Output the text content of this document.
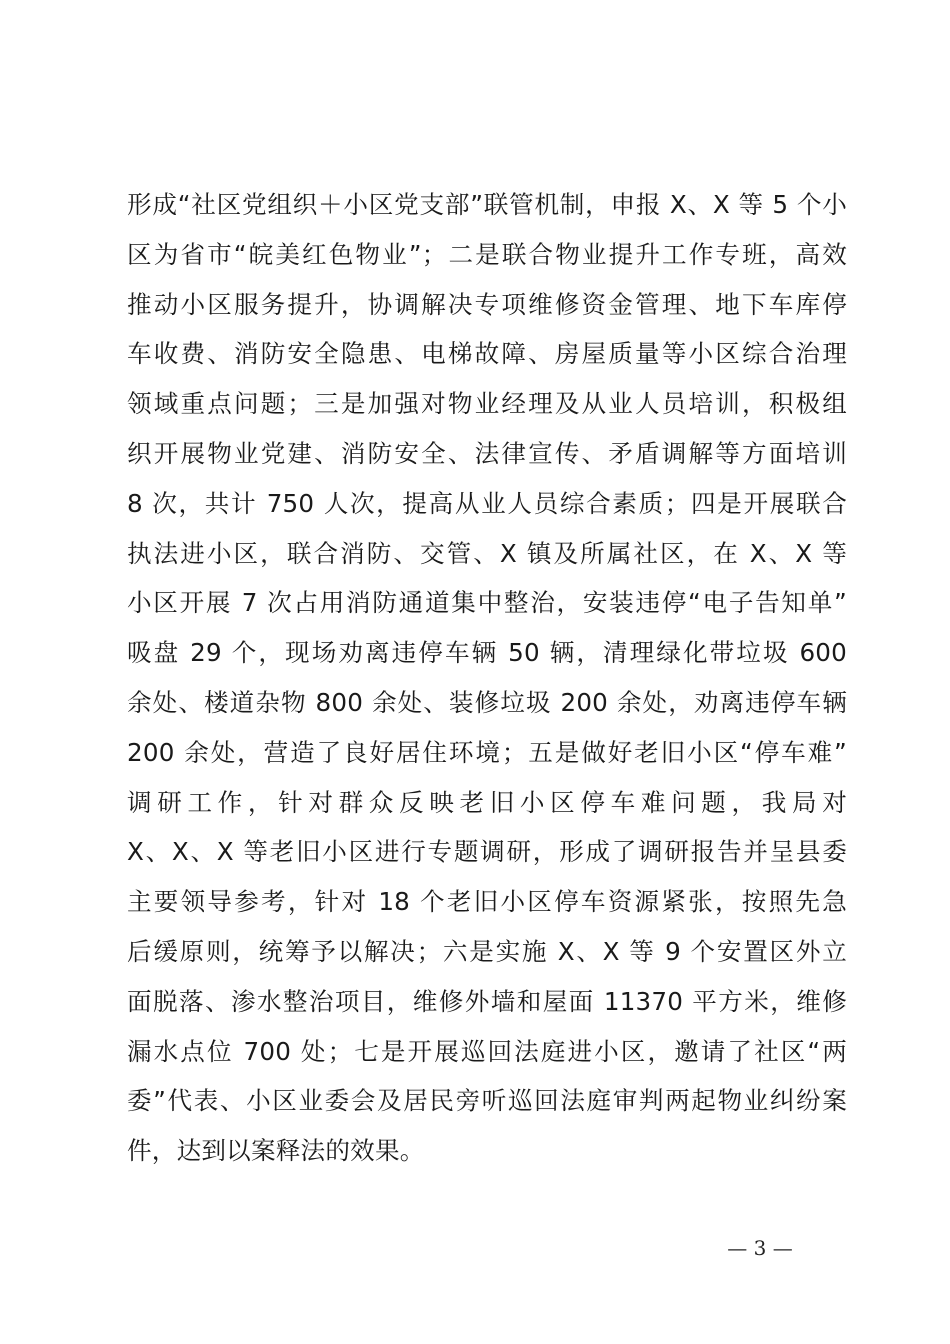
形成“社区党组织＋小区党支部”联管机制，申报 X、X 等 5 个小
区为省市“皖美红色物业”；二是联合物业提升工作专班，高效
推动小区服务提升，协调解决专项维修资金管理、地下车库停
车收费、消防安全隐患、电梯故障、房屋质量等小区综合治理
领域重点问题；三是加强对物业经理及从业人员培训，积极组
织开展物业党建、消防安全、法律宣传、矛盾调解等方面培训
8 次，共计 750 人次，提高从业人员综合素质；四是开展联合
执法进小区，联合消防、交管、X 镇及所属社区，在 X、X 等
小区开展 7 次占用消防通道集中整治，安装违停“电子告知单”
吸盘 29 个，现场劝离违停车辆 50 辆，清理绿化带垃圾 600
余处、楼道杂物 800 余处、装修垃圾 200 余处，劝离违停车辆
200 余处，营造了良好居住环境；五是做好老旧小区“停车难”
调研工作，针对群众反映老旧小区停车难问题，我局对
X、X、X 等老旧小区进行专题调研，形成了调研报告并呈县委
主要领导参考，针对 18 个老旧小区停车资源紧张，按照先急
后缓原则，统筹予以解决；六是实施 X、X 等 9 个安置区外立
面脱落、渗水整治项目，维修外墙和屋面 11370 平方米，维修
漏水点位 700 处；七是开展巡回法庭进小区，邀请了社区“两
委”代表、小区业委会及居民旁听巡回法庭审判两起物业纠纷案
件，达到以案释法的效果。
— 3 —
